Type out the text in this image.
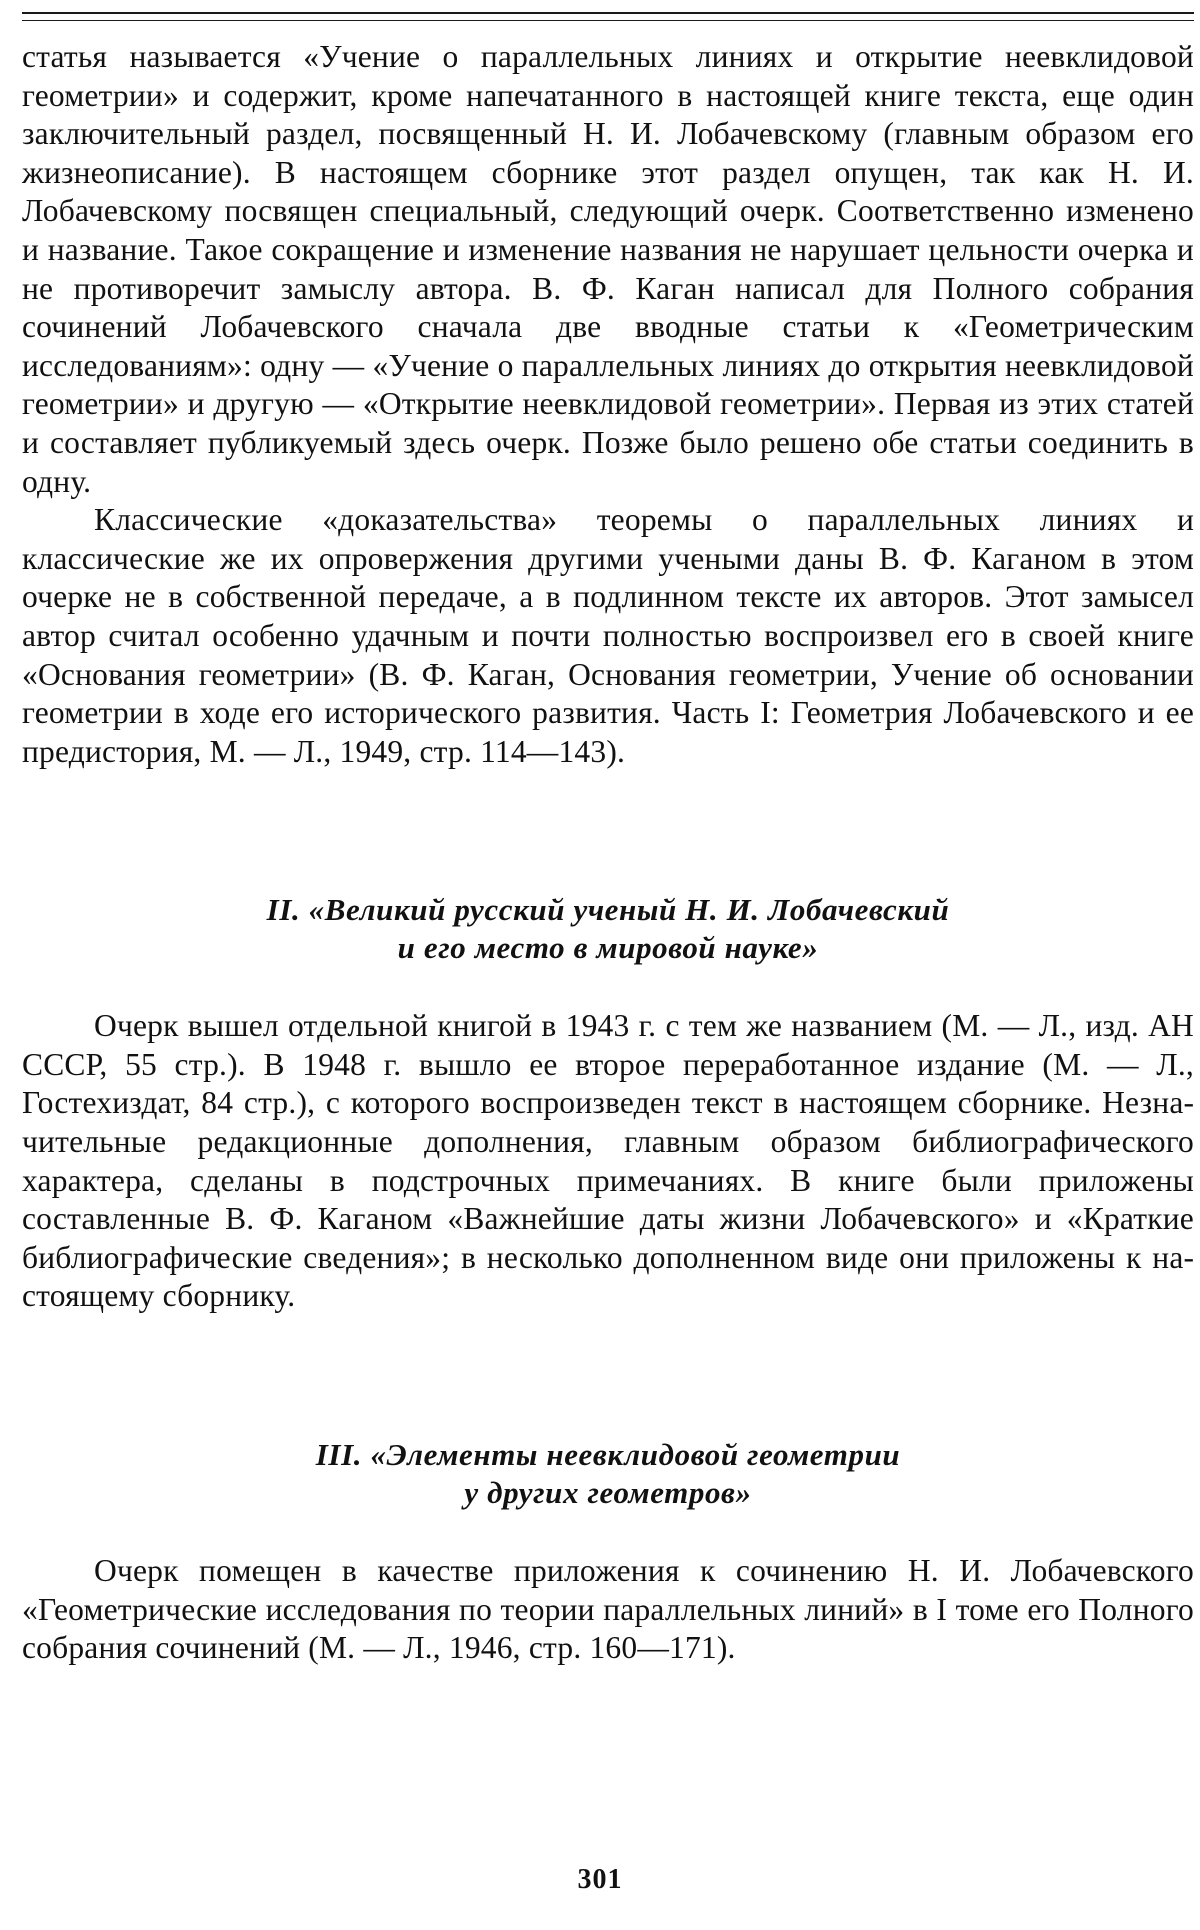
статья называется «Учение о параллельных линиях и открытие неевклидовой геометрии» и содержит, кроме напечатанного в настоящей книге текста, еще один заключительный раздел, посвященный Н. И. Лобачевскому (главным образом его жизнеописание). В настоящем сборнике этот раздел опущен, так как Н. И. Лобачевскому посвящен специальный, следующий очерк. Соответственно изменено и название. Такое сокращение и изменение названия не нарушает цельности очерка и не противоречит замыслу автора. В. Ф. Каган написал для Полного собрания сочинений Лобачевского сначала две вводные статьи к «Геометрическим исследованиям»: одну — «Учение о параллельных линиях до открытия неевклидовой геометрии» и другую — «Открытие неевклидовой геометрии». Первая из этих статей и составляет публикуемый здесь очерк. Позже было решено обе статьи соединить в одну.

Классические «доказательства» теоремы о параллельных линиях и классические же их опровержения другими учеными даны В. Ф. Каганом в этом очерке не в собственной передаче, а в подлинном тексте их авторов. Этот замысел автор считал особенно удачным и почти полностью воспроизвел его в своей книге «Основания геометрии» (В. Ф. Каган, Основания геометрии, Учение об основании геометрии в ходе его исторического развития. Часть I: Геометрия Лобачевского и ее предистория, М. — Л., 1949, стр. 114—143).

II. «Великий русский ученый Н. И. Лобачевский
и его место в мировой науке»

Очерк вышел отдельной книгой в 1943 г. с тем же названием (М. — Л., изд. АН СССР, 55 стр.). В 1948 г. вышло ее второе переработанное издание (М. — Л., Гостехиздат, 84 стр.), с которого воспроизведен текст в настоящем сборнике. Незначительные редакционные дополнения, главным образом библиографического характера, сделаны в подстрочных примечаниях. В книге были приложены составленные В. Ф. Каганом «Важнейшие даты жизни Лобачевского» и «Краткие библиографические сведения»; в несколько дополненном виде они приложены к настоящему сборнику.

III. «Элементы неевклидовой геометрии
у других геометров»

Очерк помещен в качестве приложения к сочинению Н. И. Лобачевского «Геометрические исследования по теории параллельных линий» в I томе его Полного собрания сочинений (М. — Л., 1946, стр. 160—171).

301
